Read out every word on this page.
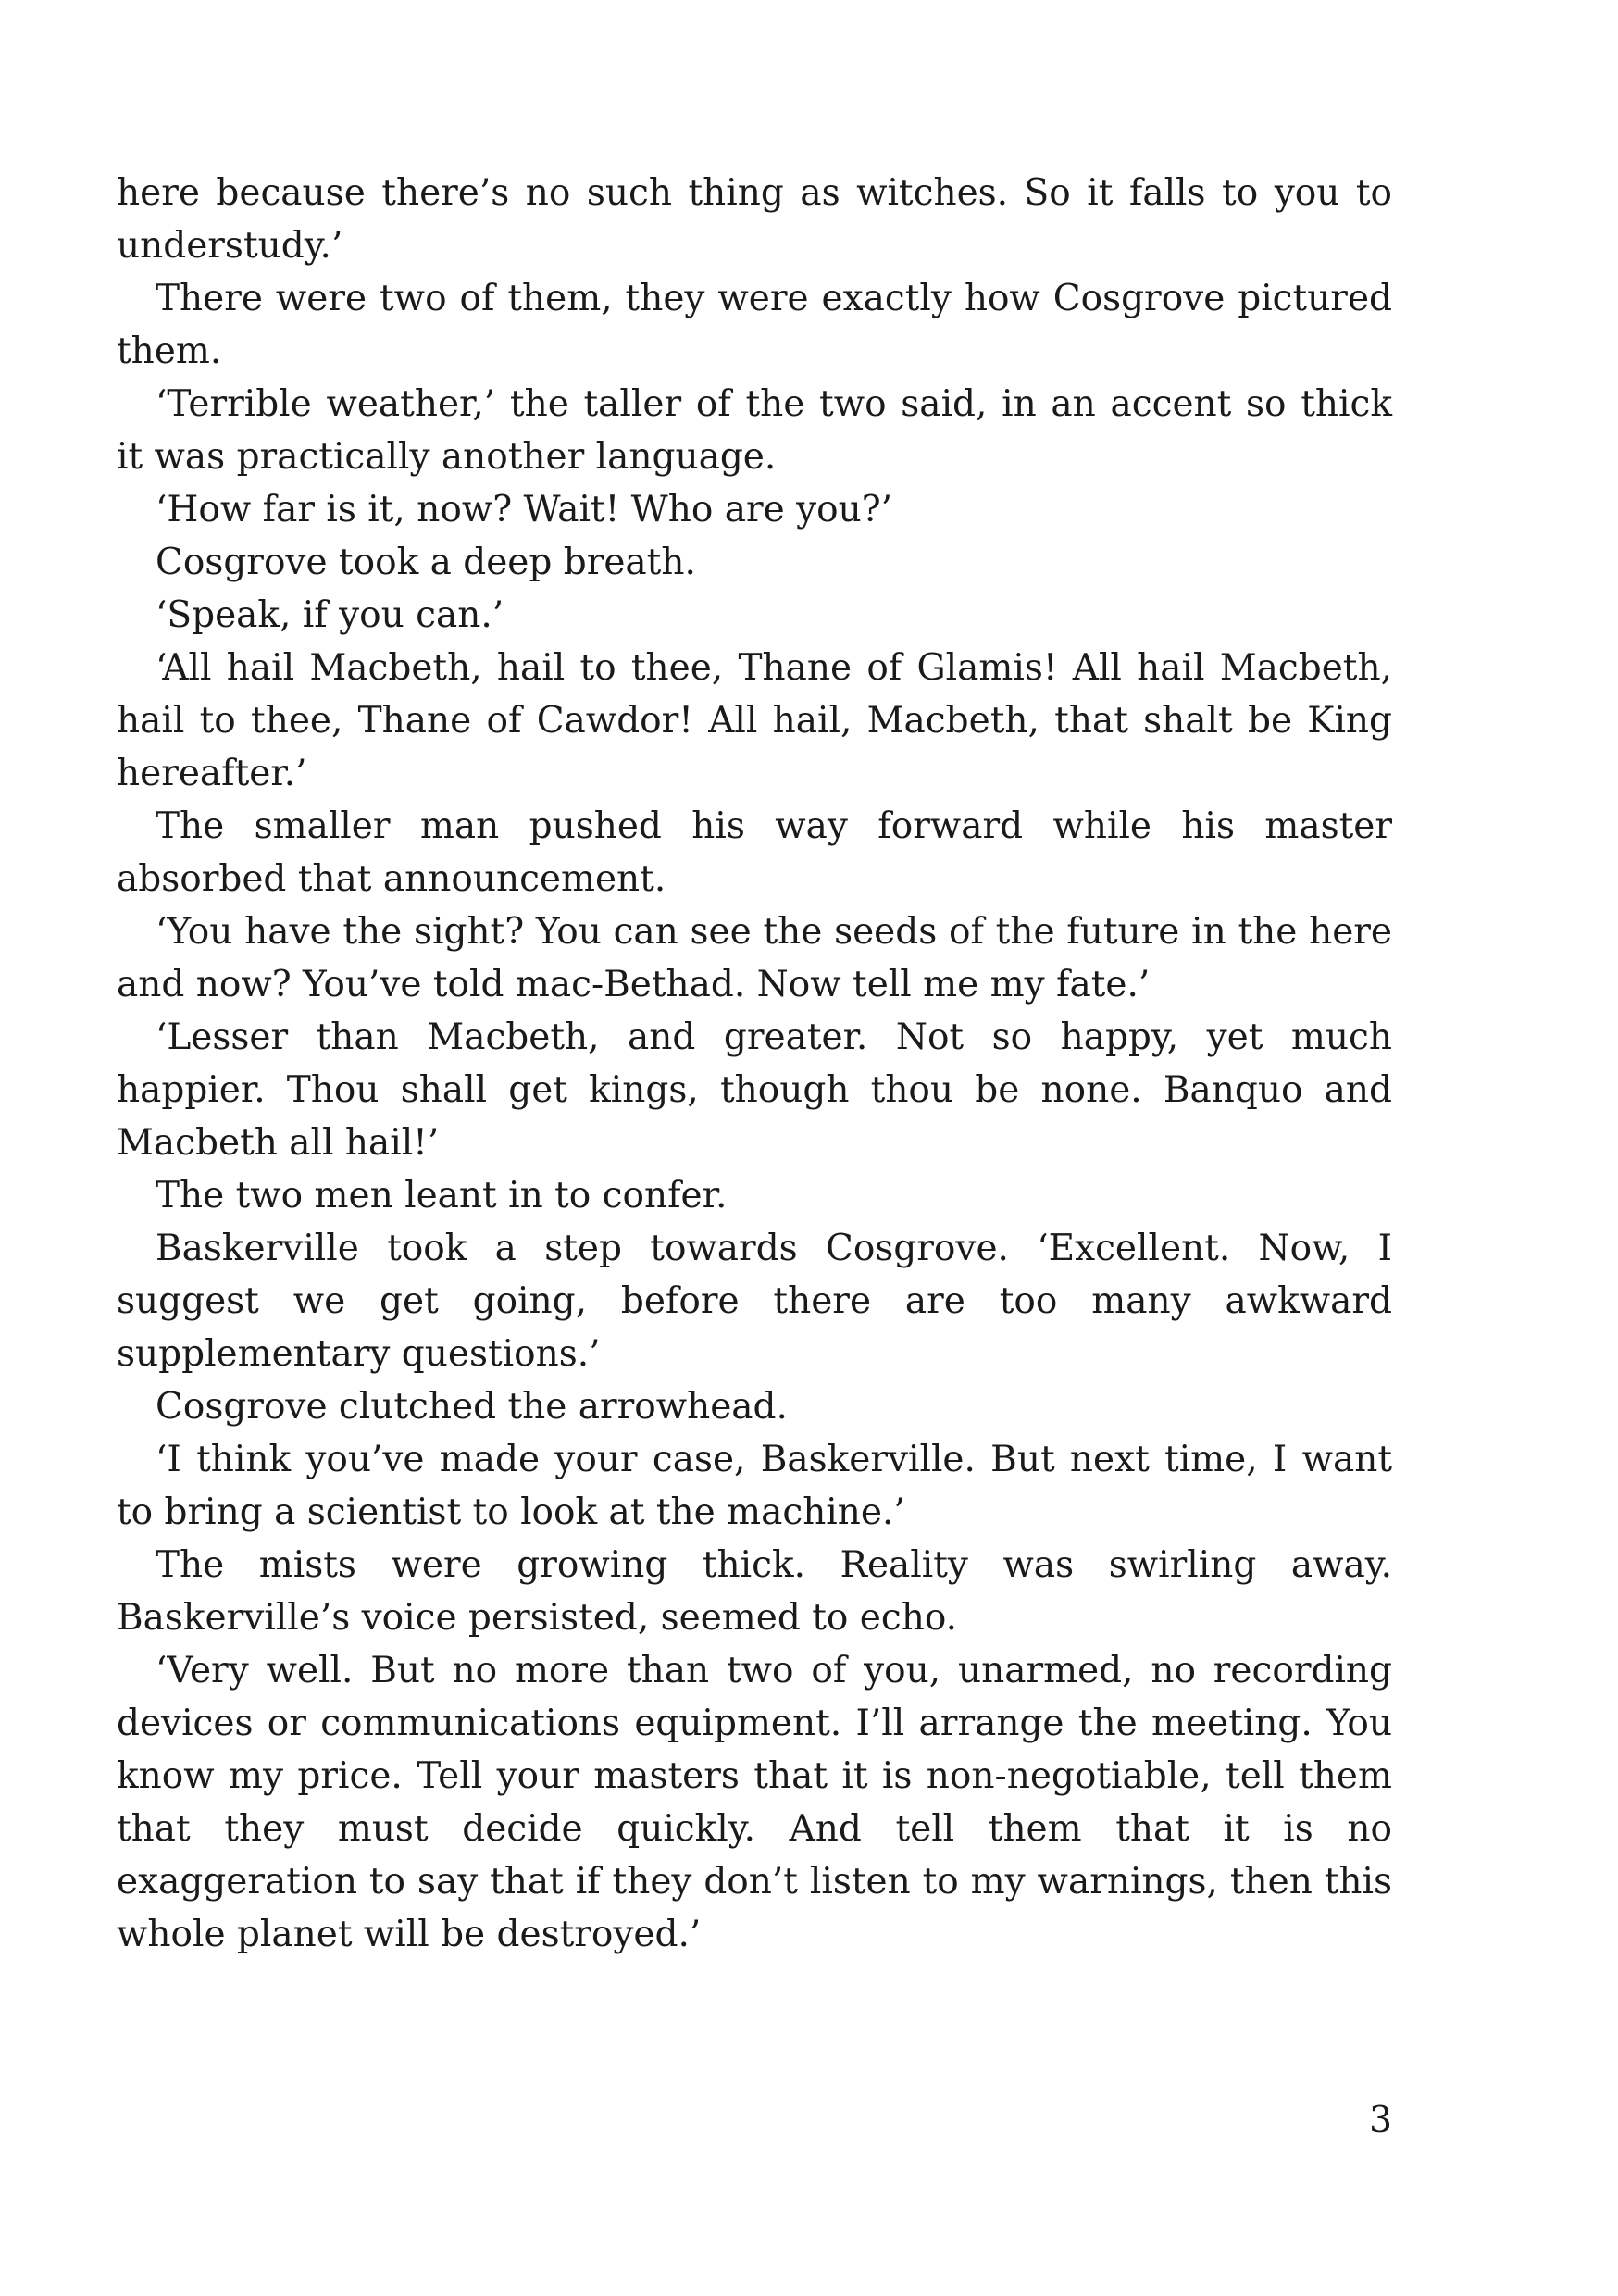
here because there’s no such thing as witches. So it falls to you to understudy.’

There were two of them, they were exactly how Cosgrove pictured them.

‘Terrible weather,’ the taller of the two said, in an accent so thick it was practically another language.

‘How far is it, now? Wait! Who are you?’

Cosgrove took a deep breath.

‘Speak, if you can.’

‘All hail Macbeth, hail to thee, Thane of Glamis! All hail Macbeth, hail to thee, Thane of Cawdor! All hail, Macbeth, that shalt be King hereafter.’

The smaller man pushed his way forward while his master absorbed that announcement.

‘You have the sight? You can see the seeds of the future in the here and now? You’ve told mac-Bethad. Now tell me my fate.’

‘Lesser than Macbeth, and greater. Not so happy, yet much happier. Thou shall get kings, though thou be none. Banquo and Macbeth all hail!’

The two men leant in to confer.

Baskerville took a step towards Cosgrove. ‘Excellent. Now, I suggest we get going, before there are too many awkward supplementary questions.’

Cosgrove clutched the arrowhead.

‘I think you’ve made your case, Baskerville. But next time, I want to bring a scientist to look at the machine.’

The mists were growing thick. Reality was swirling away. Baskerville’s voice persisted, seemed to echo.

‘Very well. But no more than two of you, unarmed, no recording devices or communications equipment. I’ll arrange the meeting. You know my price. Tell your masters that it is non-negotiable, tell them that they must decide quickly. And tell them that it is no exaggeration to say that if they don’t listen to my warnings, then this whole planet will be destroyed.’

3
